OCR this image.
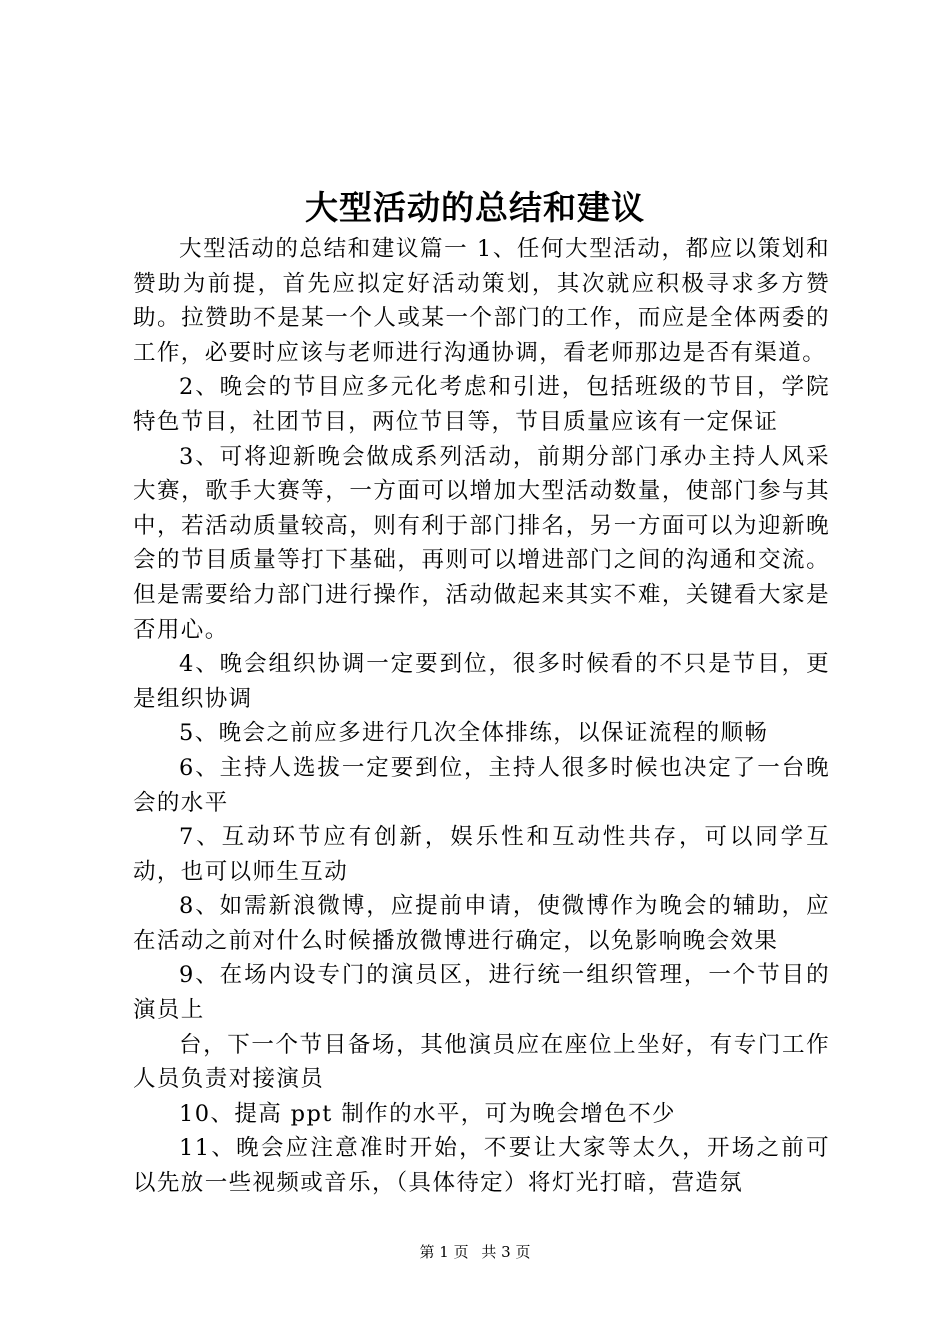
大型活动的总结和建议

大型活动的总结和建议篇一 1、任何大型活动，都应以策划和赞助为前提，首先应拟定好活动策划，其次就应积极寻求多方赞助。拉赞助不是某一个人或某一个部门的工作，而应是全体两委的工作，必要时应该与老师进行沟通协调，看老师那边是否有渠道。

2、晚会的节目应多元化考虑和引进，包括班级的节目，学院特色节目，社团节目，两位节目等，节目质量应该有一定保证

3、可将迎新晚会做成系列活动，前期分部门承办主持人风采大赛，歌手大赛等，一方面可以增加大型活动数量，使部门参与其中，若活动质量较高，则有利于部门排名，另一方面可以为迎新晚会的节目质量等打下基础，再则可以增进部门之间的沟通和交流。但是需要给力部门进行操作，活动做起来其实不难，关键看大家是否用心。

4、晚会组织协调一定要到位，很多时候看的不只是节目，更是组织协调

5、晚会之前应多进行几次全体排练，以保证流程的顺畅

6、主持人选拔一定要到位，主持人很多时候也决定了一台晚会的水平

7、互动环节应有创新，娱乐性和互动性共存，可以同学互动，也可以师生互动

8、如需新浪微博，应提前申请，使微博作为晚会的辅助，应在活动之前对什么时候播放微博进行确定，以免影响晚会效果

9、在场内设专门的演员区，进行统一组织管理，一个节目的演员上

台，下一个节目备场，其他演员应在座位上坐好，有专门工作人员负责对接演员

10、提高 ppt 制作的水平，可为晚会增色不少

11、晚会应注意准时开始，不要让大家等太久，开场之前可以先放一些视频或音乐，（具体待定）将灯光打暗，营造氛

第 1 页 共 3 页
